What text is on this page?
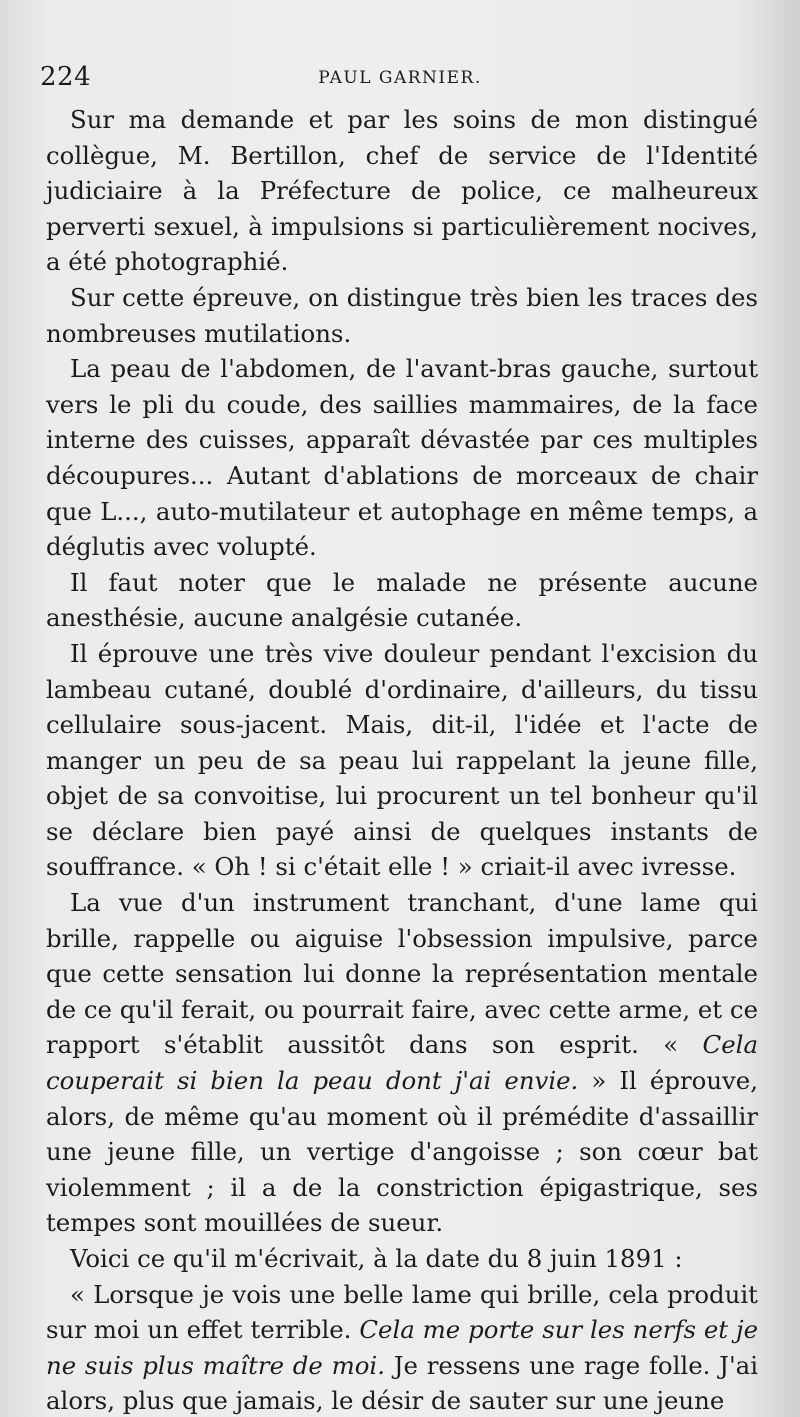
224	PAUL GARNIER.

Sur ma demande et par les soins de mon distingué collègue, M. Bertillon, chef de service de l'Identité judiciaire à la Préfecture de police, ce malheureux perverti sexuel, à impulsions si particulièrement nocives, a été photographié.

Sur cette épreuve, on distingue très bien les traces des nombreuses mutilations.

La peau de l'abdomen, de l'avant-bras gauche, surtout vers le pli du coude, des saillies mammaires, de la face interne des cuisses, apparaît dévastée par ces multiples découpures... Autant d'ablations de morceaux de chair que L..., auto-mutilateur et autophage en même temps, a déglutis avec volupté.

Il faut noter que le malade ne présente aucune anesthésie, aucune analgésie cutanée.

Il éprouve une très vive douleur pendant l'excision du lambeau cutané, doublé d'ordinaire, d'ailleurs, du tissu cellulaire sous-jacent. Mais, dit-il, l'idée et l'acte de manger un peu de sa peau lui rappelant la jeune fille, objet de sa convoitise, lui procurent un tel bonheur qu'il se déclare bien payé ainsi de quelques instants de souffrance. « Oh ! si c'était elle ! » criait-il avec ivresse.

La vue d'un instrument tranchant, d'une lame qui brille, rappelle ou aiguise l'obsession impulsive, parce que cette sensation lui donne la représentation mentale de ce qu'il ferait, ou pourrait faire, avec cette arme, et ce rapport s'établit aussitôt dans son esprit. « Cela couperait si bien la peau dont j'ai envie. » Il éprouve, alors, de même qu'au moment où il prémédite d'assaillir une jeune fille, un vertige d'angoisse ; son cœur bat violemment ; il a de la constriction épigastrique, ses tempes sont mouillées de sueur.

Voici ce qu'il m'écrivait, à la date du 8 juin 1891 :

« Lorsque je vois une belle lame qui brille, cela produit sur moi un effet terrible. Cela me porte sur les nerfs et je ne suis plus maître de moi. Je ressens une rage folle. J'ai alors, plus que jamais, le désir de sauter sur une jeune
